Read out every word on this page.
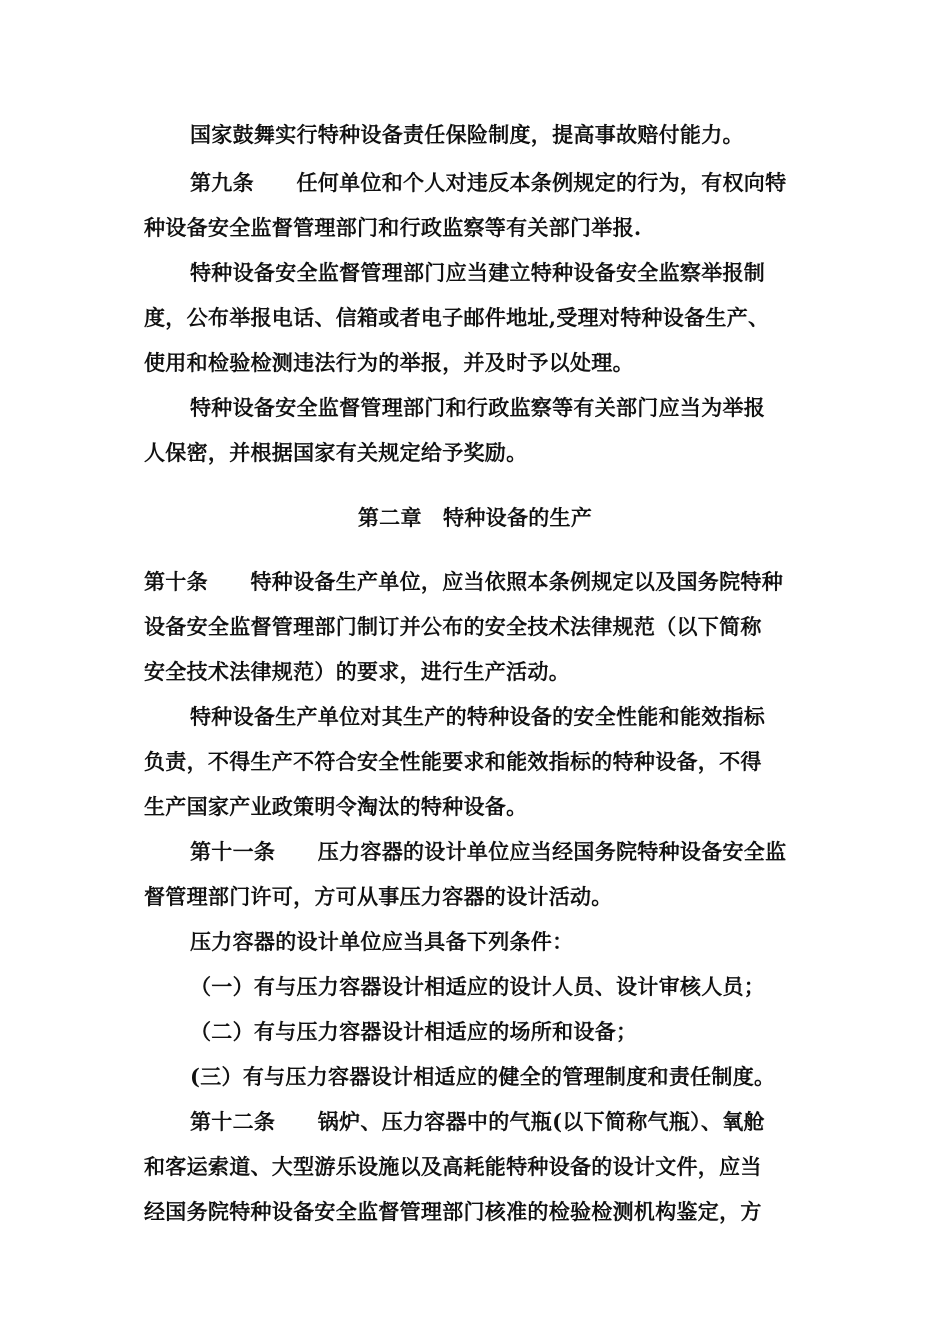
国家鼓舞实行特种设备责任保险制度，提高事故赔付能力。
第九条　　任何单位和个人对违反本条例规定的行为，有权向特
种设备安全监督管理部门和行政监察等有关部门举报.
特种设备安全监督管理部门应当建立特种设备安全监察举报制
度，公布举报电话、信箱或者电子邮件地址,受理对特种设备生产、
使用和检验检测违法行为的举报，并及时予以处理。
特种设备安全监督管理部门和行政监察等有关部门应当为举报
人保密，并根据国家有关规定给予奖励。
第二章　特种设备的生产
第十条　　特种设备生产单位，应当依照本条例规定以及国务院特种
设备安全监督管理部门制订并公布的安全技术法律规范（以下简称
安全技术法律规范）的要求，进行生产活动。
特种设备生产单位对其生产的特种设备的安全性能和能效指标
负责，不得生产不符合安全性能要求和能效指标的特种设备，不得
生产国家产业政策明令淘汰的特种设备。
第十一条　　压力容器的设计单位应当经国务院特种设备安全监
督管理部门许可，方可从事压力容器的设计活动。
压力容器的设计单位应当具备下列条件：
（一）有与压力容器设计相适应的设计人员、设计审核人员；
（二）有与压力容器设计相适应的场所和设备；
(三）有与压力容器设计相适应的健全的管理制度和责任制度。
第十二条　　锅炉、压力容器中的气瓶(以下简称气瓶）、氧舱
和客运索道、大型游乐设施以及高耗能特种设备的设计文件，应当
经国务院特种设备安全监督管理部门核准的检验检测机构鉴定，方
